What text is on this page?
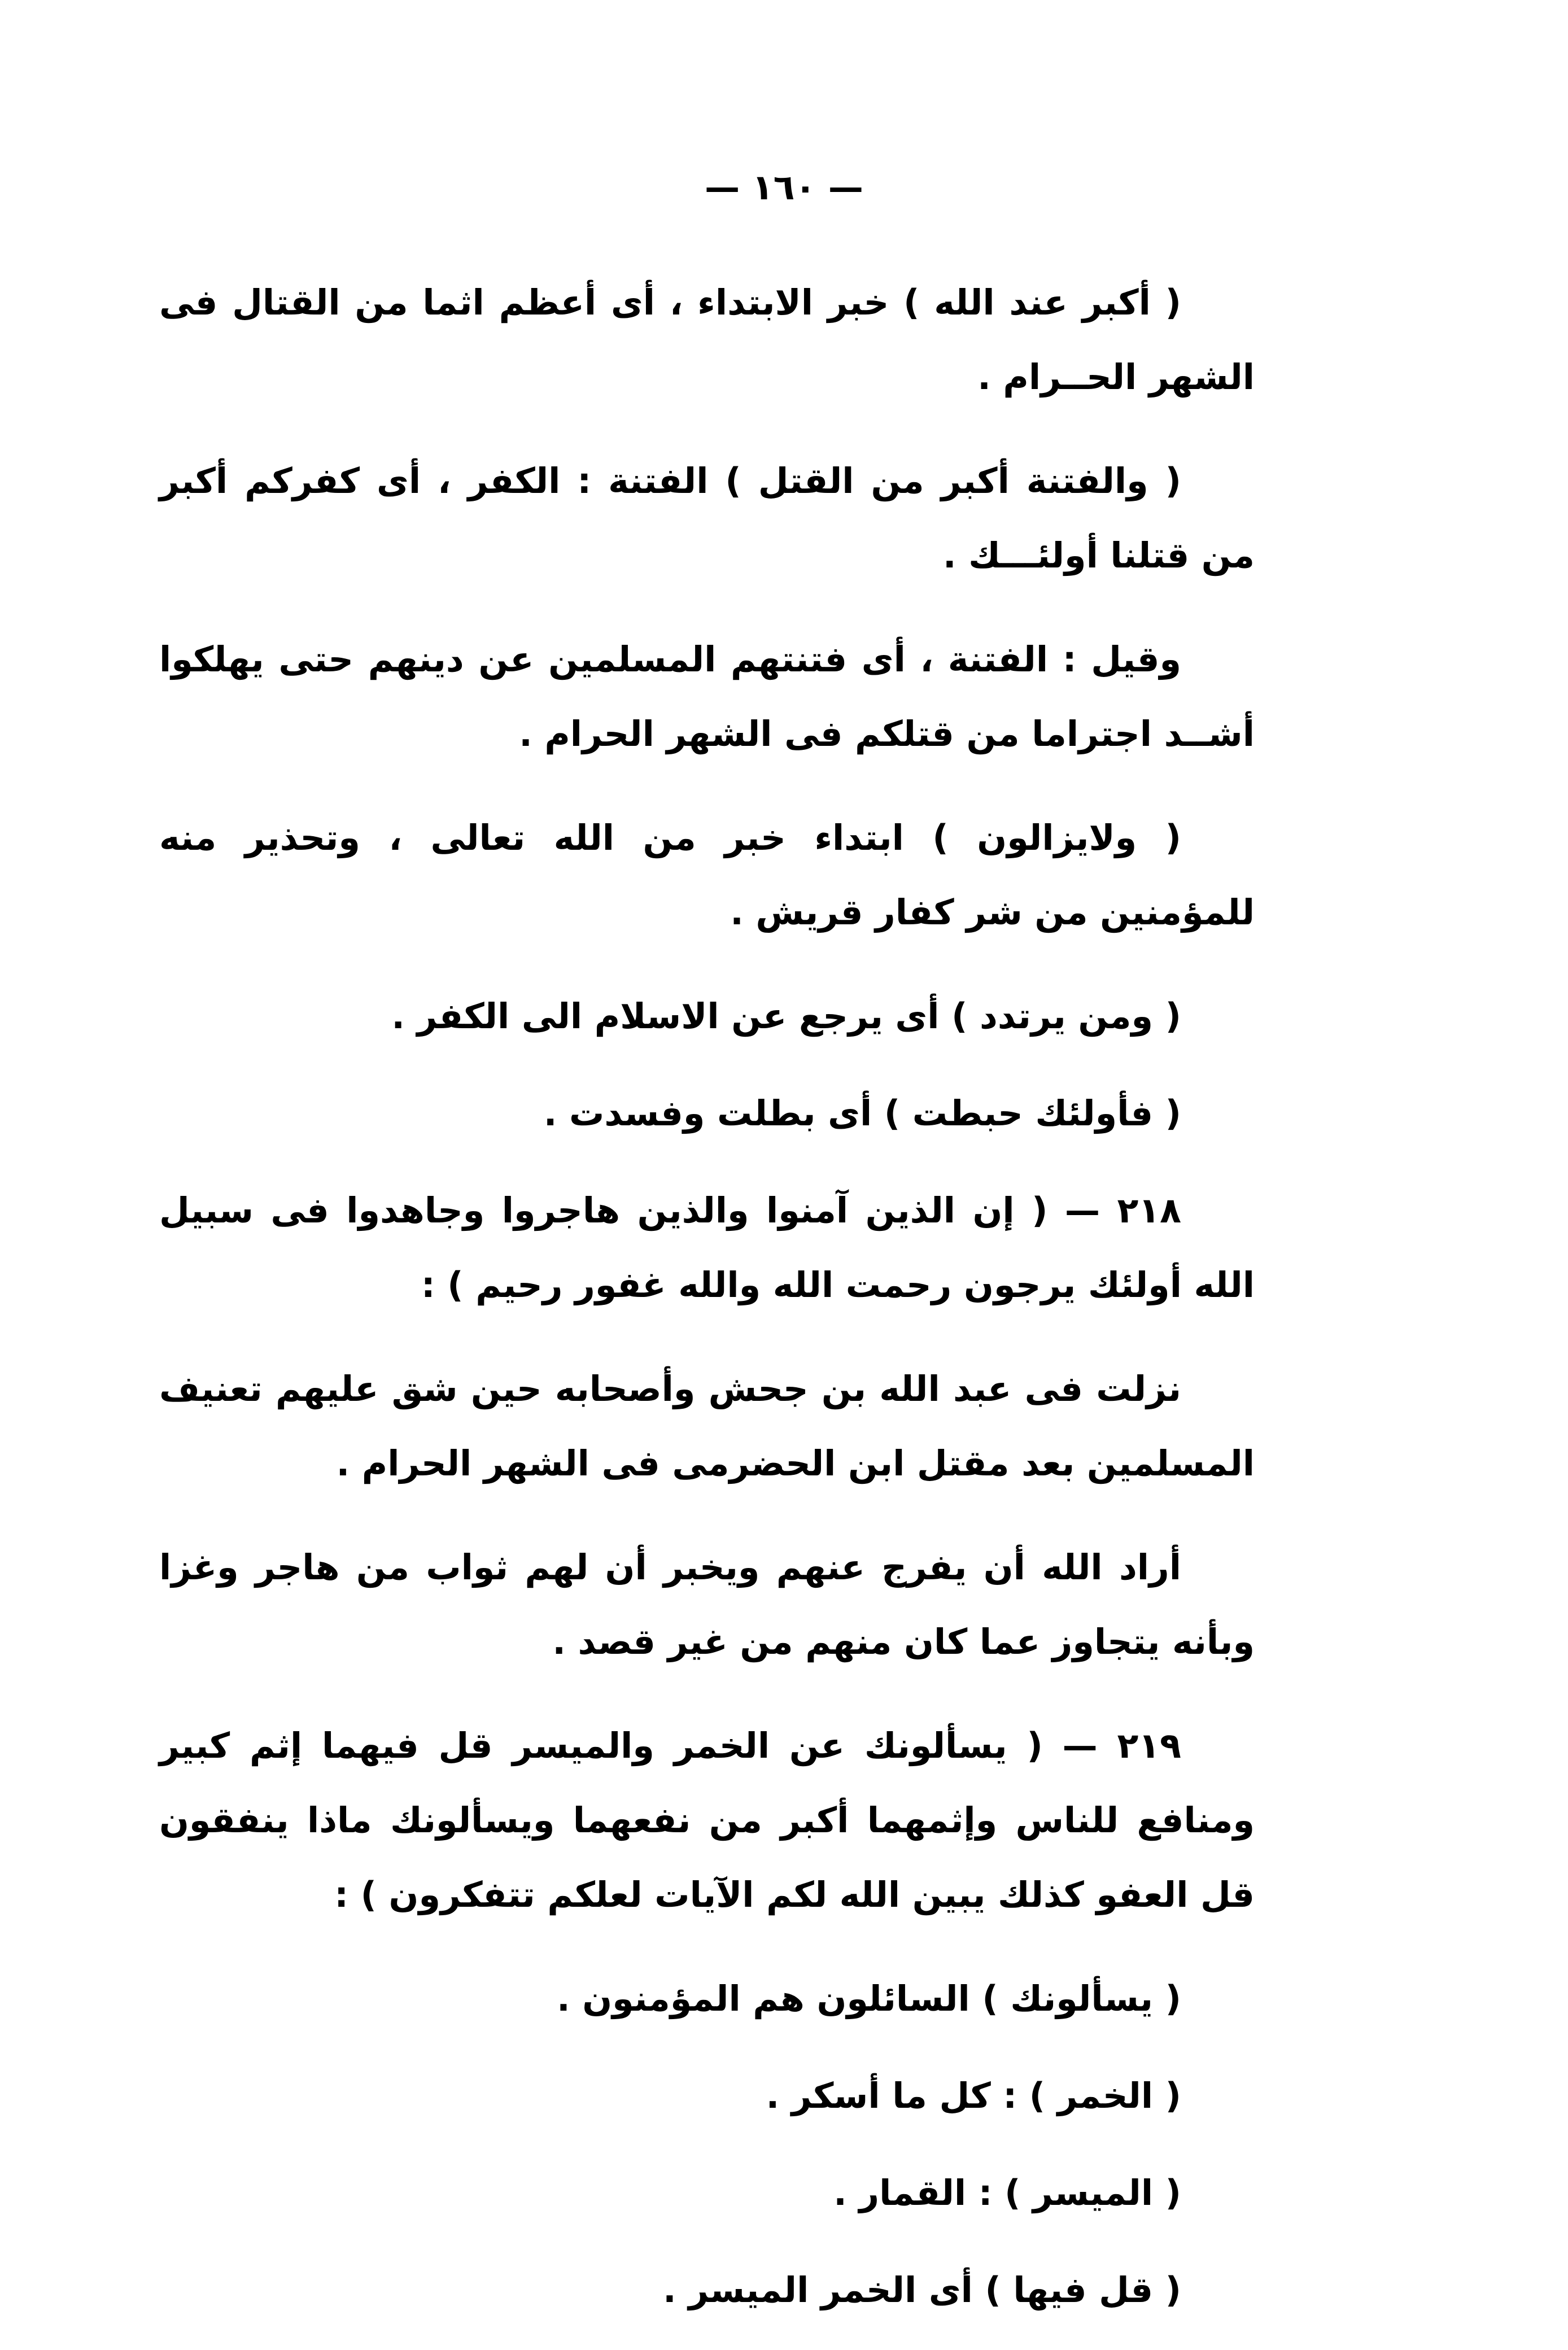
— ١٦٠ —

( أكبر عند الله ) خبر الابتداء ، أى أعظم اثما من القتال فى الشهر الحــرام .

( والفتنة أكبر من القتل ) الفتنة : الكفر ، أى كفركم أكبر من قتلنا أولئـــك .

وقيل : الفتنة ، أى فتنتهم المسلمين عن دينهم حتى يهلكوا أشــد اجتراما من قتلكم فى الشهر الحرام .

( ولايزالون ) ابتداء خبر من الله تعالى ، وتحذير منه للمؤمنين من شر كفار قريش .

( ومن يرتدد ) أى يرجع عن الاسلام الى الكفر .

( فأولئك حبطت ) أى بطلت وفسدت .

٢١٨ — ( إن الذين آمنوا والذين هاجروا وجاهدوا فى سبيل الله أولئك يرجون رحمت الله والله غفور رحيم ) :

نزلت فى عبد الله بن جحش وأصحابه حين شق عليهم تعنيف المسلمين بعد مقتل ابن الحضرمى فى الشهر الحرام .

أراد الله أن يفرج عنهم ويخبر أن لهم ثواب من هاجر وغزا وبأنه يتجاوز عما كان منهم من غير قصد .

٢١٩ — ( يسألونك عن الخمر والميسر قل فيهما إثم كبير ومنافع للناس وإثمهما أكبر من نفعهما ويسألونك ماذا ينفقون قل العفو كذلك يبين الله لكم الآيات لعلكم تتفكرون ) :

( يسألونك ) السائلون هم المؤمنون .

( الخمر ) : كل ما أسكر .

( الميسر ) : القمار .

( قل فيها ) أى الخمر الميسر .
